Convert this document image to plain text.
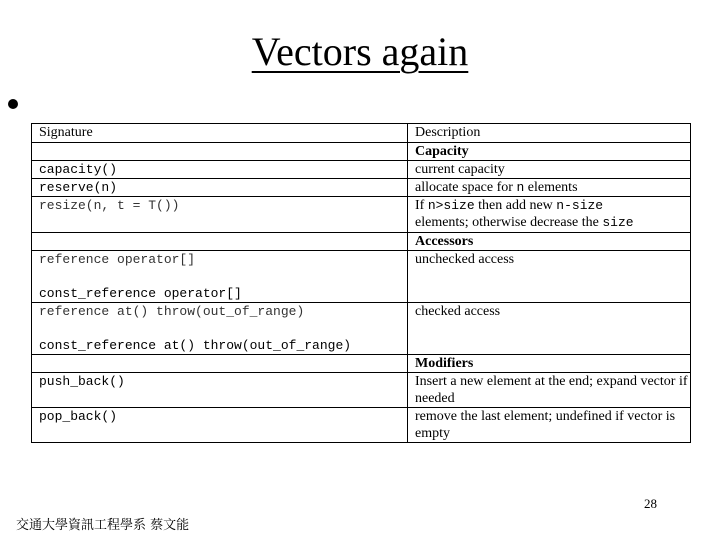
Vectors again
Signature	Description
	Capacity
capacity()	current capacity
reserve(n)	allocate space for n elements
resize(n, t = T())	If n>size then add new n-size
elements; otherwise decrease the size
	Accessors

reference operator[]
const_reference operator[]	unchecked access

reference at() throw(out_of_range)
const_reference at() throw(out_of_range)	checked access
	Modifiers
push_back()	Insert a new element at the end; expand vector if needed
pop_back()	remove the last element; undefined if vector is empty
28
交通大學資訊工程學系 蔡文能
